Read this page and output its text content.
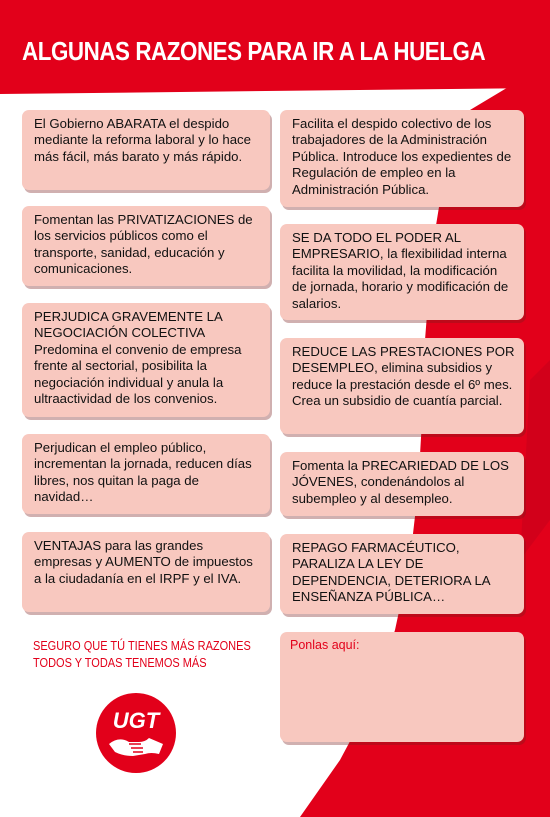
ALGUNAS RAZONES PARA IR A LA HUELGA

El Gobierno ABARATA el despido mediante la reforma laboral y lo hace más fácil, más barato y más rápido.

Fomentan las PRIVATIZACIONES de los servicios públicos como el transporte, sanidad, educación y comunicaciones.

PERJUDICA GRAVEMENTE LA NEGOCIACIÓN COLECTIVA Predomina el convenio de empresa frente al sectorial, posibilita la negociación individual y anula la ultraactividad de los convenios.

Perjudican el empleo público, incrementan la jornada, reducen días libres, nos quitan la paga de navidad…

VENTAJAS para las grandes empresas y AUMENTO de impuestos a la ciudadanía en el IRPF y el IVA.

Facilita el despido colectivo de los trabajadores de la Administración Pública. Introduce los expedientes de Regulación de empleo en la Administración Pública.

SE DA TODO EL PODER AL EMPRESARIO, la flexibilidad interna facilita la movilidad, la modificación de jornada, horario y modificación de salarios.

REDUCE LAS PRESTACIONES POR DESEMPLEO, elimina subsidios y reduce la prestación desde el 6º mes. Crea un subsidio de cuantía parcial.

Fomenta la PRECARIEDAD DE LOS JÓVENES, condenándolos al subempleo y al desempleo.

REPAGO FARMACÉUTICO, PARALIZA LA LEY DE DEPENDENCIA, DETERIORA LA ENSEÑANZA PÚBLICA…

SEGURO QUE TÚ TIENES MÁS RAZONES
TODOS Y TODAS TENEMOS MÁS
Ponlas aquí:
UGT
